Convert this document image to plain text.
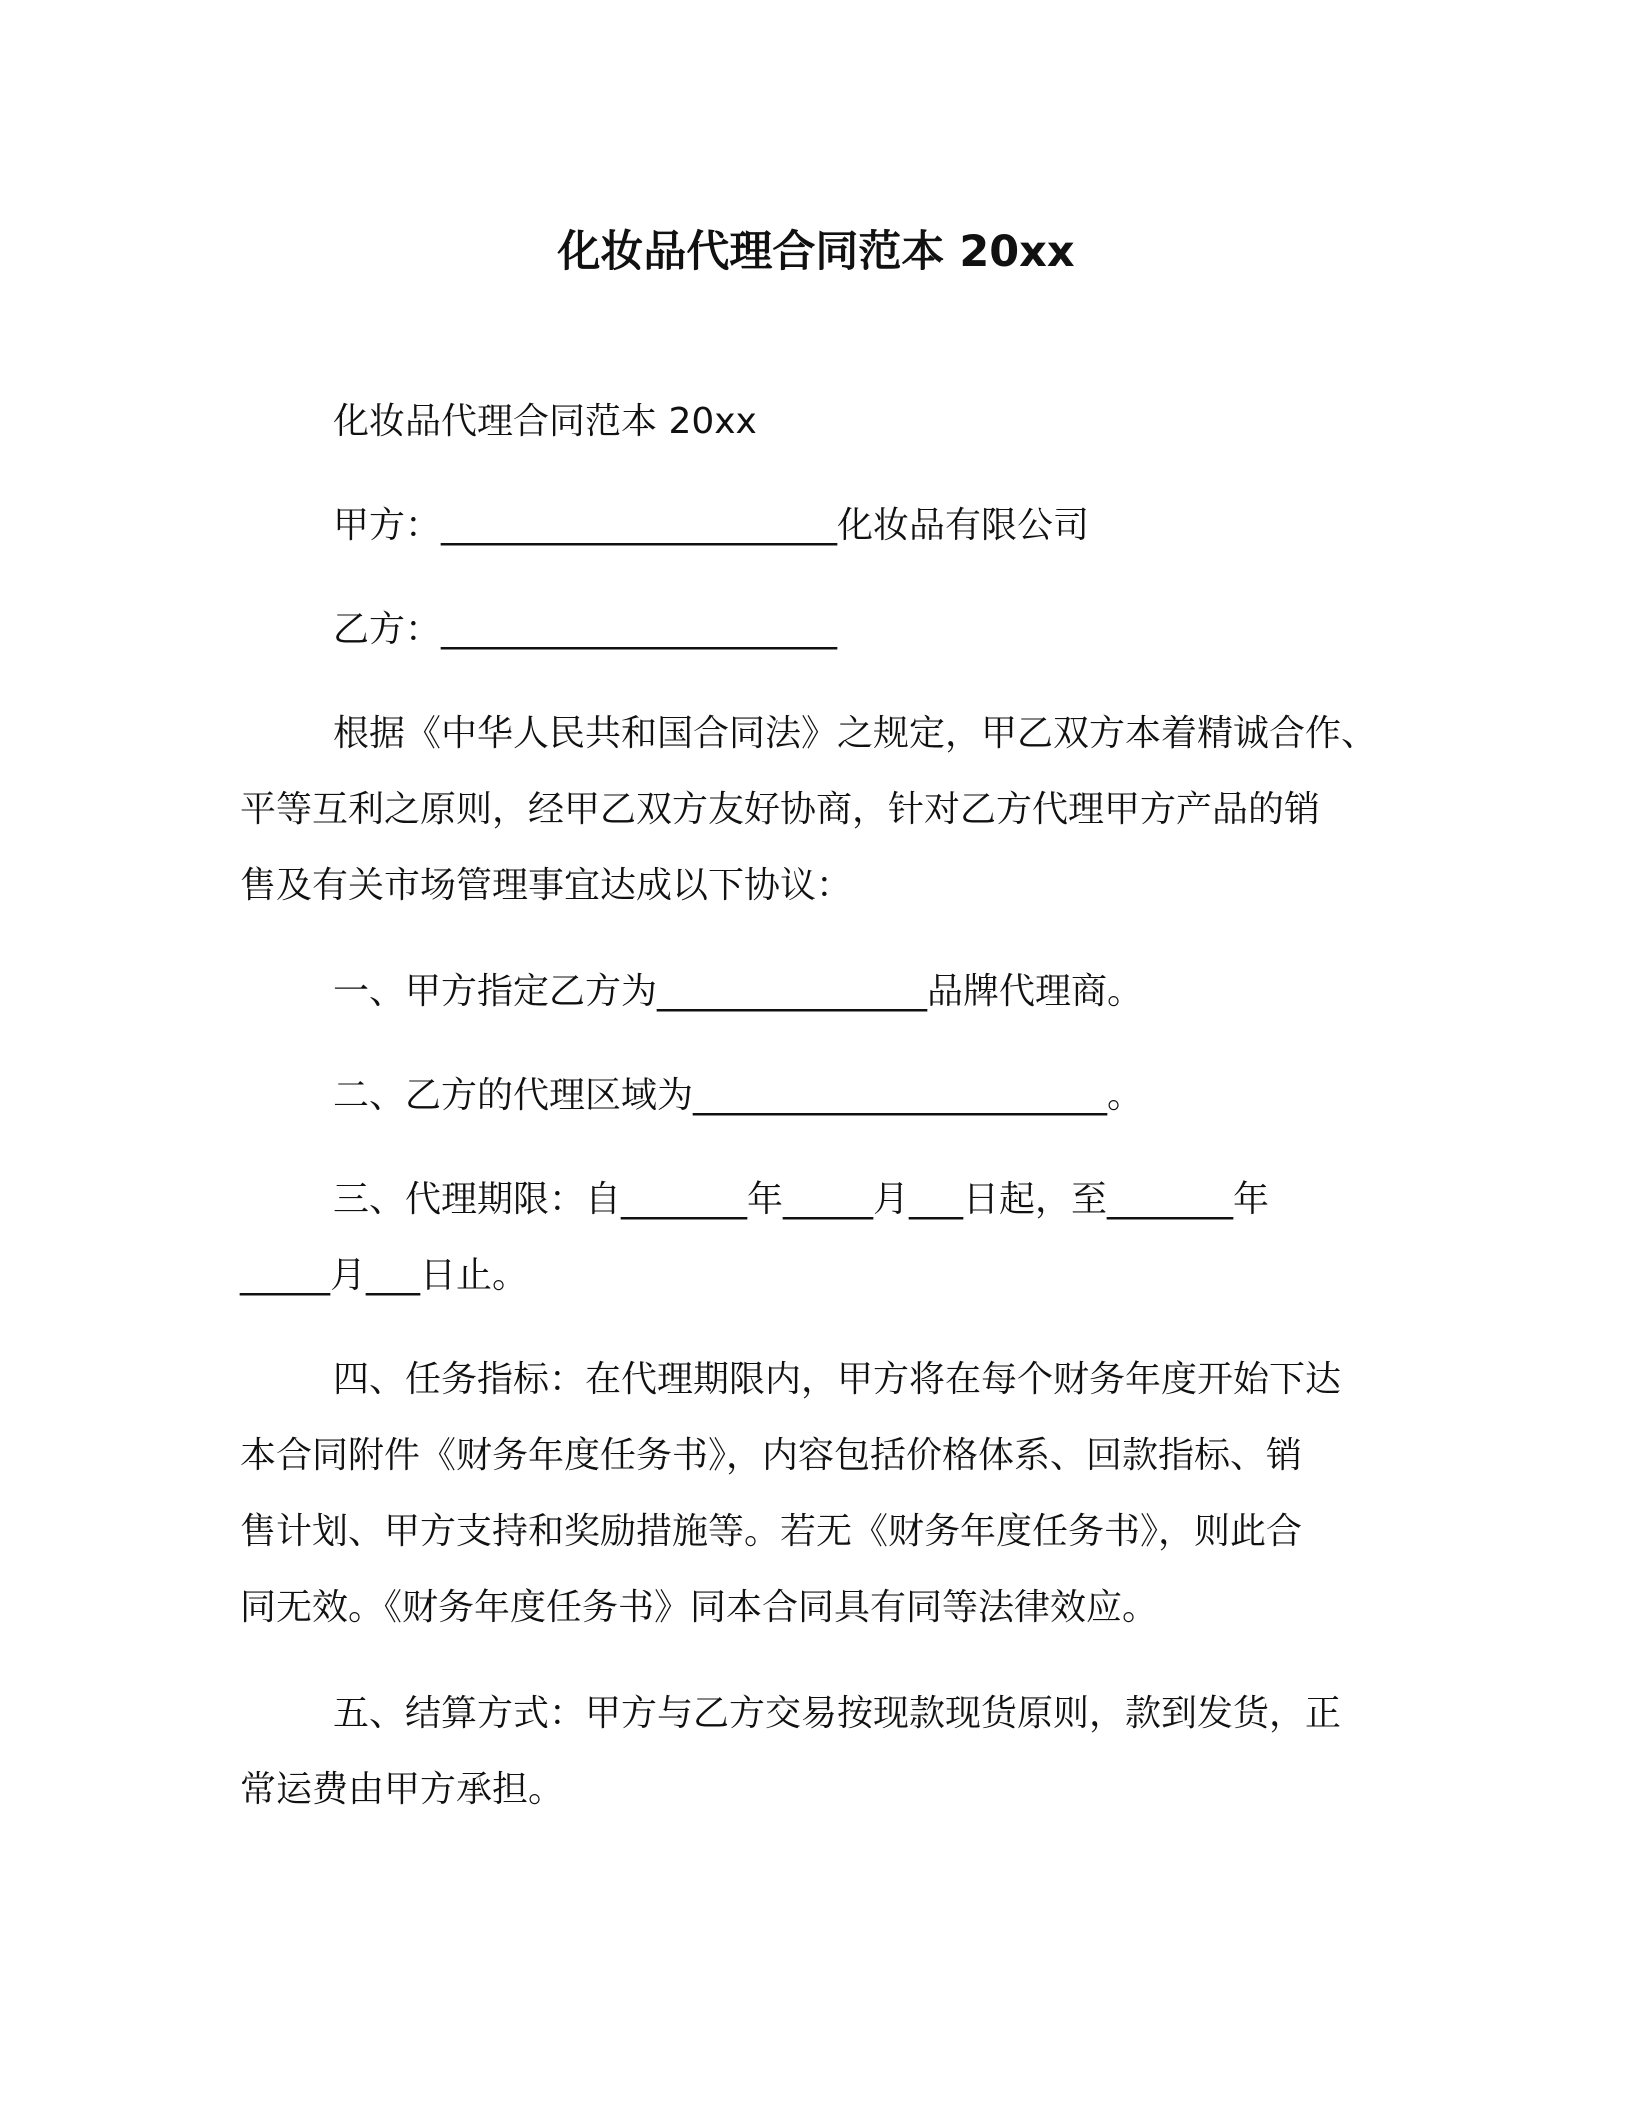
化妆品代理合同范本 20xx
化妆品代理合同范本 20xx
甲方：______________________化妆品有限公司
乙方：______________________
根据《中华人民共和国合同法》之规定，甲乙双方本着精诚合作、
平等互利之原则，经甲乙双方友好协商，针对乙方代理甲方产品的销
售及有关市场管理事宜达成以下协议：
一、甲方指定乙方为_______________品牌代理商。
二、乙方的代理区域为_______________________。
三、代理期限：自_______年_____月___日起，至_______年
_____月___日止。
四、任务指标：在代理期限内，甲方将在每个财务年度开始下达
本合同附件《财务年度任务书》，内容包括价格体系、回款指标、销
售计划、甲方支持和奖励措施等。若无《财务年度任务书》，则此合
同无效。《财务年度任务书》同本合同具有同等法律效应。
五、结算方式：甲方与乙方交易按现款现货原则，款到发货，正
常运费由甲方承担。
